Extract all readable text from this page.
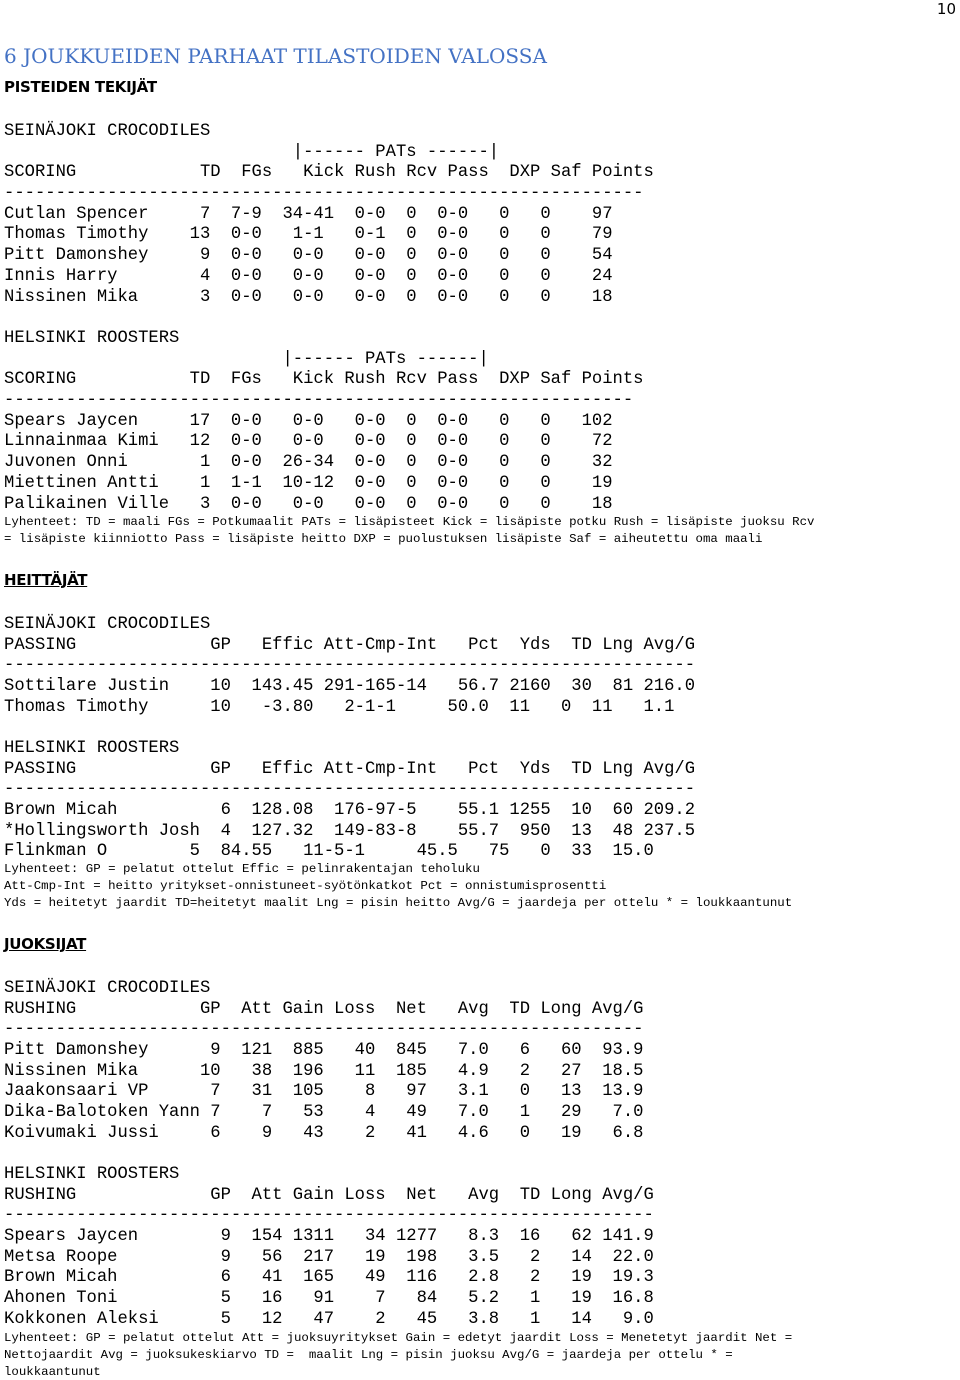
10
6 JOUKKUEIDEN PARHAAT TILASTOIDEN VALOSSA
PISTEIDEN TEKIJÄT
SEINÄJOKI CROCODILES
|------ PATs ------|
SCORING            TD  FGs   Kick Rush Rcv Pass  DXP Saf Points
--------------------------------------------------------------
Cutlan Spencer     7  7-9  34-41  0-0  0  0-0   0   0    97
Thomas Timothy    13  0-0   1-1   0-1  0  0-0   0   0    79
Pitt Damonshey     9  0-0   0-0   0-0  0  0-0   0   0    54
Innis Harry        4  0-0   0-0   0-0  0  0-0   0   0    24
Nissinen Mika      3  0-0   0-0   0-0  0  0-0   0   0    18
HELSINKI ROOSTERS
|------ PATs ------|
SCORING           TD  FGs   Kick Rush Rcv Pass  DXP Saf Points
-------------------------------------------------------------
Spears Jaycen     17  0-0   0-0   0-0  0  0-0   0   0   102
Linnainmaa Kimi   12  0-0   0-0   0-0  0  0-0   0   0    72
Juvonen Onni       1  0-0  26-34  0-0  0  0-0   0   0    32
Miettinen Antti    1  1-1  10-12  0-0  0  0-0   0   0    19
Palikainen Ville   3  0-0   0-0   0-0  0  0-0   0   0    18
Lyhenteet: TD = maali FGs = Potkumaalit PATs = lisäpisteet Kick = lisäpiste potku Rush = lisäpiste juoksu Rcv
= lisäpiste kiinniotto Pass = lisäpiste heitto DXP = puolustuksen lisäpiste Saf = aiheutettu oma maali
HEITTÄJÄT
SEINÄJOKI CROCODILES
PASSING             GP   Effic Att-Cmp-Int   Pct  Yds  TD Lng Avg/G
-------------------------------------------------------------------
Sottilare Justin    10  143.45 291-165-14   56.7 2160  30  81 216.0
Thomas Timothy      10   -3.80   2-1-1     50.0  11   0  11   1.1
HELSINKI ROOSTERS
PASSING             GP   Effic Att-Cmp-Int   Pct  Yds  TD Lng Avg/G
-------------------------------------------------------------------
Brown Micah          6  128.08  176-97-5    55.1 1255  10  60 209.2
*Hollingsworth Josh  4  127.32  149-83-8    55.7  950  13  48 237.5
Flinkman O        5  84.55   11-5-1     45.5   75   0  33  15.0
Lyhenteet: GP = pelatut ottelut Effic = pelinrakentajan teholuku
Att-Cmp-Int = heitto yritykset-onnistuneet-syötönkatkot Pct = onnistumisprosentti
Yds = heitetyt jaardit TD=heitetyt maalit Lng = pisin heitto Avg/G = jaardeja per ottelu * = loukkaantunut
JUOKSIJAT
SEINÄJOKI CROCODILES
RUSHING            GP  Att Gain Loss  Net   Avg  TD Long Avg/G
--------------------------------------------------------------
Pitt Damonshey      9  121  885   40  845   7.0   6   60  93.9
Nissinen Mika      10   38  196   11  185   4.9   2   27  18.5
Jaakonsaari VP      7   31  105    8   97   3.1   0   13  13.9
Dika-Balotoken Yann 7    7   53    4   49   7.0   1   29   7.0
Koivumaki Jussi     6    9   43    2   41   4.6   0   19   6.8
HELSINKI ROOSTERS
RUSHING             GP  Att Gain Loss  Net   Avg  TD Long Avg/G
---------------------------------------------------------------
Spears Jaycen        9  154 1311   34 1277   8.3  16   62 141.9
Metsa Roope          9   56  217   19  198   3.5   2   14  22.0
Brown Micah          6   41  165   49  116   2.8   2   19  19.3
Ahonen Toni          5   16   91    7   84   5.2   1   19  16.8
Kokkonen Aleksi      5   12   47    2   45   3.8   1   14   9.0
Lyhenteet: GP = pelatut ottelut Att = juoksuyritykset Gain = edetyt jaardit Loss = Menetetyt jaardit Net =
Nettojaardit Avg = juoksukeskiarvo TD =  maalit Lng = pisin juoksu Avg/G = jaardeja per ottelu * =
loukkaantunut
